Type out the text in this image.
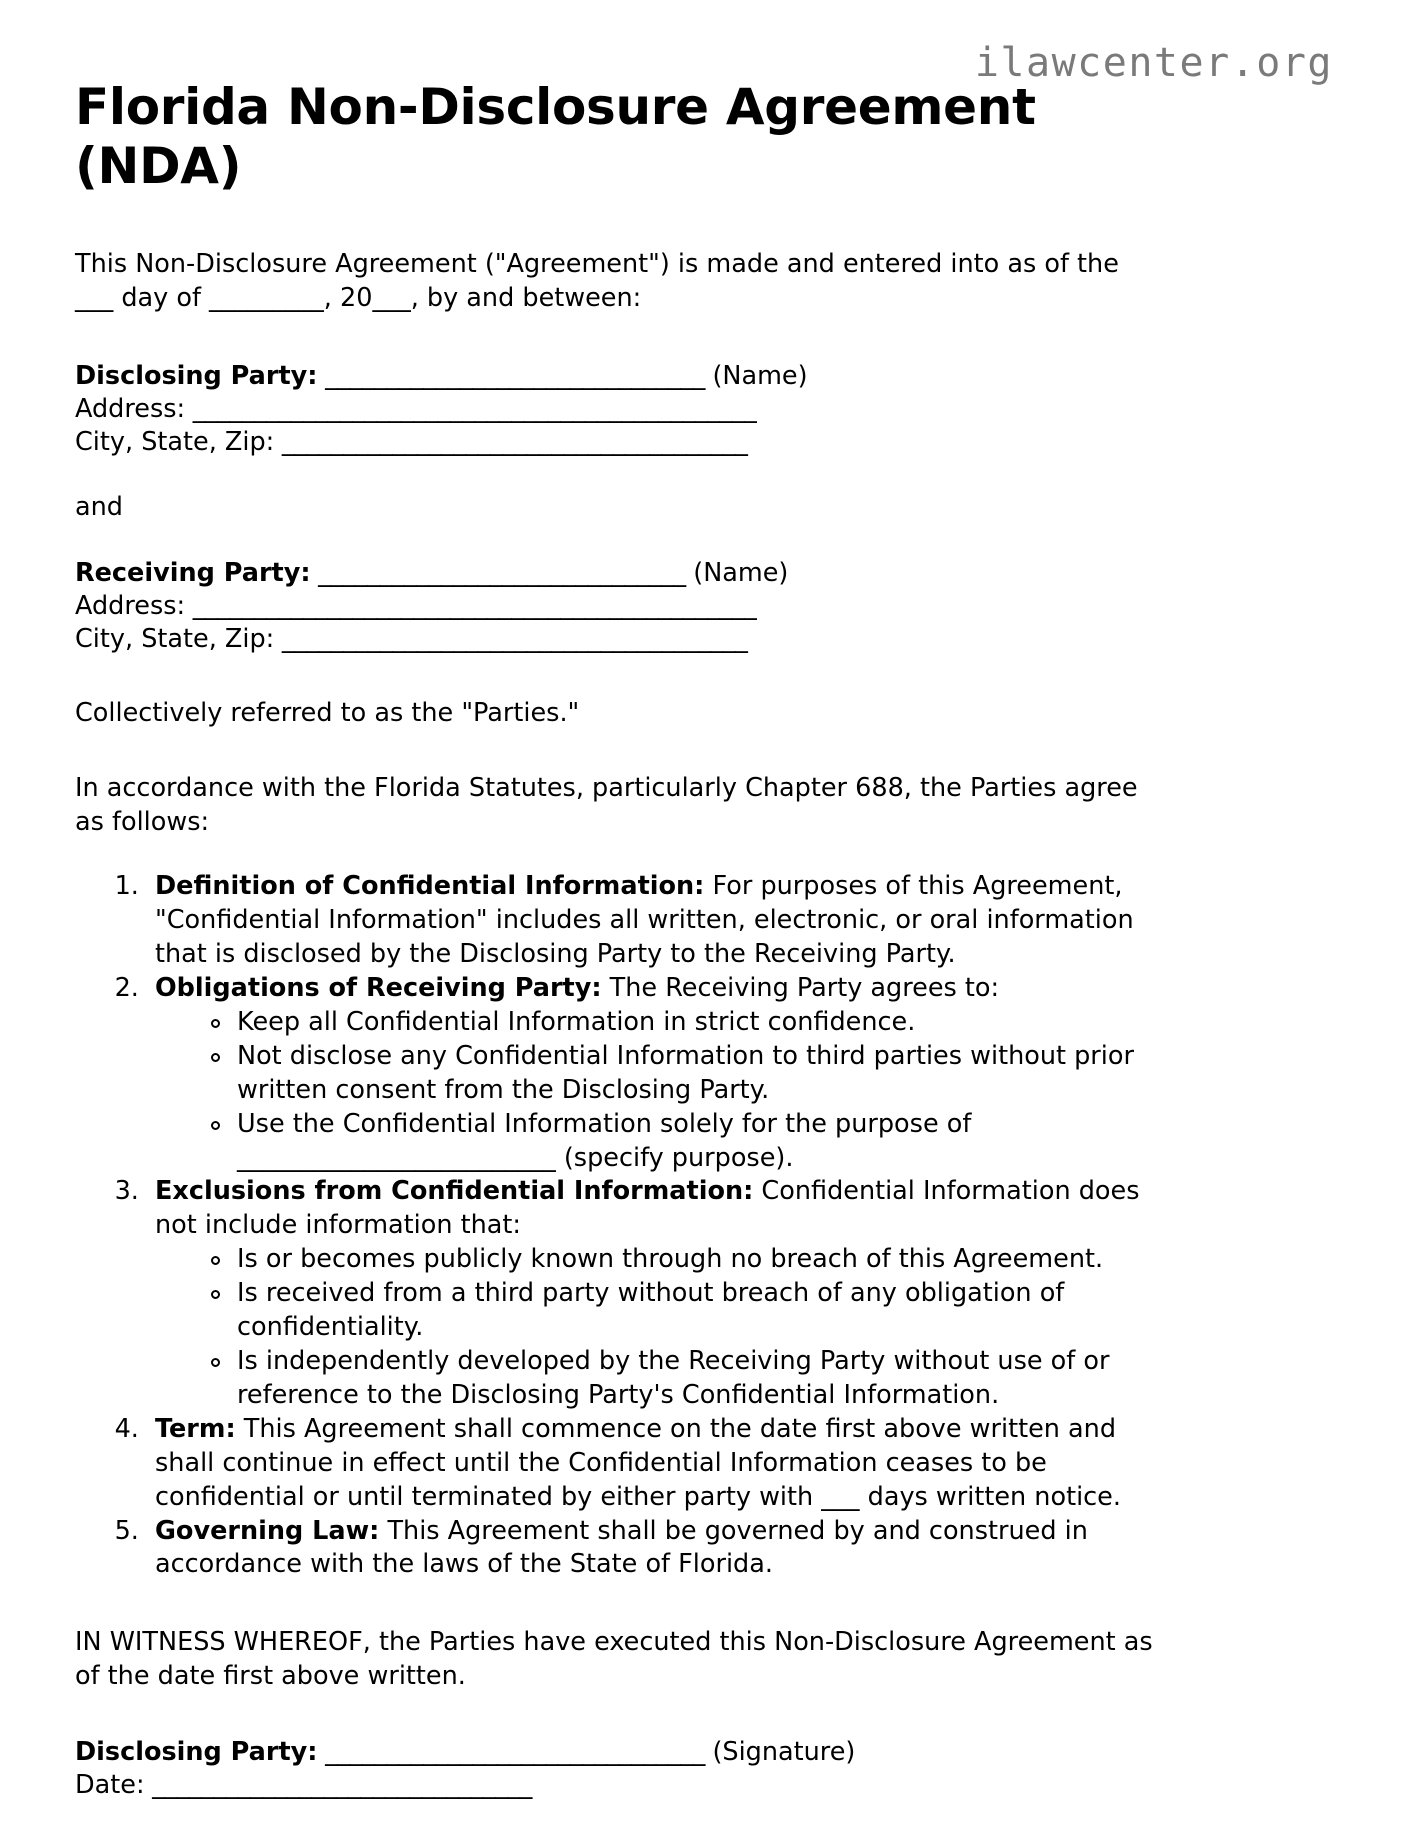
ilawcenter.org
Florida Non-Disclosure Agreement (NDA)

This Non-Disclosure Agreement ("Agreement") is made and entered into as of the ___ day of _________, 20___, by and between:

Disclosing Party: _______________________________ (Name)
Address: ______________________________________________
City, State, Zip: ______________________________________

and

Receiving Party: ______________________________ (Name)
Address: ______________________________________________
City, State, Zip: ______________________________________

Collectively referred to as the "Parties."

In accordance with the Florida Statutes, particularly Chapter 688, the Parties agree as follows:

1. Definition of Confidential Information: For purposes of this Agreement, "Confidential Information" includes all written, electronic, or oral information that is disclosed by the Disclosing Party to the Receiving Party.
2. Obligations of Receiving Party: The Receiving Party agrees to:
Keep all Confidential Information in strict confidence.
Not disclose any Confidential Information to third parties without prior written consent from the Disclosing Party.
Use the Confidential Information solely for the purpose of _________________________ (specify purpose).
3. Exclusions from Confidential Information: Confidential Information does not include information that:
Is or becomes publicly known through no breach of this Agreement.
Is received from a third party without breach of any obligation of confidentiality.
Is independently developed by the Receiving Party without use of or reference to the Disclosing Party's Confidential Information.
4. Term: This Agreement shall commence on the date first above written and shall continue in effect until the Confidential Information ceases to be confidential or until terminated by either party with ___ days written notice.
5. Governing Law: This Agreement shall be governed by and construed in accordance with the laws of the State of Florida.

IN WITNESS WHEREOF, the Parties have executed this Non-Disclosure Agreement as of the date first above written.

Disclosing Party: _______________________________ (Signature)
Date: _______________________________
